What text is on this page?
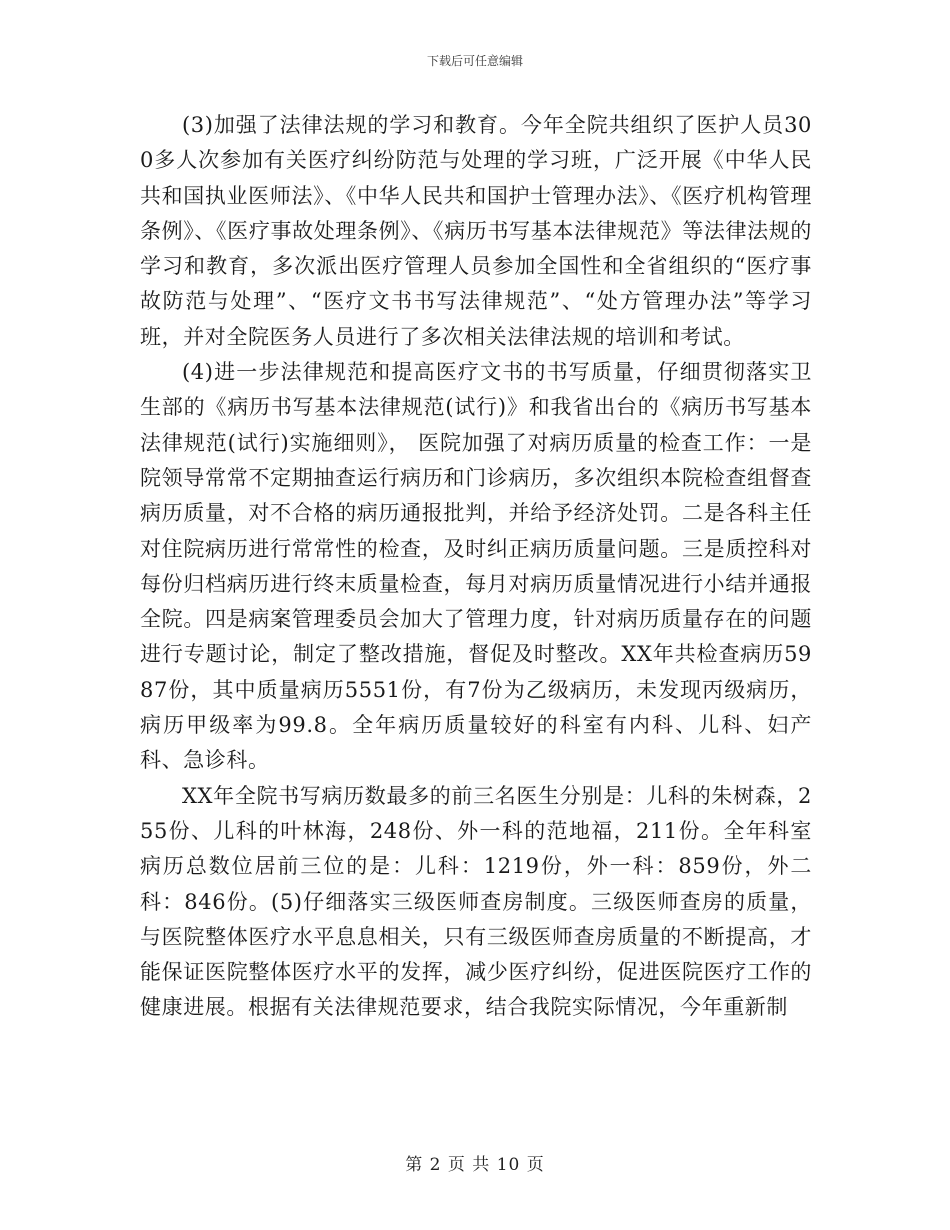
下载后可任意编辑

(3)加强了法律法规的学习和教育。今年全院共组织了医护人员300多人次参加有关医疗纠纷防范与处理的学习班，广泛开展《中华人民共和国执业医师法》、《中华人民共和国护士管理办法》、《医疗机构管理条例》、《医疗事故处理条例》、《病历书写基本法律规范》等法律法规的学习和教育，多次派出医疗管理人员参加全国性和全省组织的“医疗事故防范与处理”、“医疗文书书写法律规范”、“处方管理办法”等学习班，并对全院医务人员进行了多次相关法律法规的培训和考试。

(4)进一步法律规范和提高医疗文书的书写质量，仔细贯彻落实卫生部的《病历书写基本法律规范(试行)》和我省出台的《病历书写基本法律规范(试行)实施细则》， 医院加强了对病历质量的检查工作：一是院领导常常不定期抽查运行病历和门诊病历，多次组织本院检查组督查病历质量，对不合格的病历通报批判，并给予经济处罚。二是各科主任对住院病历进行常常性的检查，及时纠正病历质量问题。三是质控科对每份归档病历进行终末质量检查，每月对病历质量情况进行小结并通报全院。四是病案管理委员会加大了管理力度，针对病历质量存在的问题进行专题讨论，制定了整改措施，督促及时整改。XX年共检查病历5987份，其中质量病历5551份，有7份为乙级病历，未发现丙级病历，病历甲级率为99.8。全年病历质量较好的科室有内科、儿科、妇产科、急诊科。

XX年全院书写病历数最多的前三名医生分别是：儿科的朱树森，255份、儿科的叶林海，248份、外一科的范地福，211份。全年科室病历总数位居前三位的是：儿科：1219份，外一科：859份，外二科：846份。(5)仔细落实三级医师查房制度。三级医师查房的质量，与医院整体医疗水平息息相关，只有三级医师查房质量的不断提高，才能保证医院整体医疗水平的发挥，减少医疗纠纷，促进医院医疗工作的健康进展。根据有关法律规范要求，结合我院实际情况，今年重新制

第 2 页 共 10 页
